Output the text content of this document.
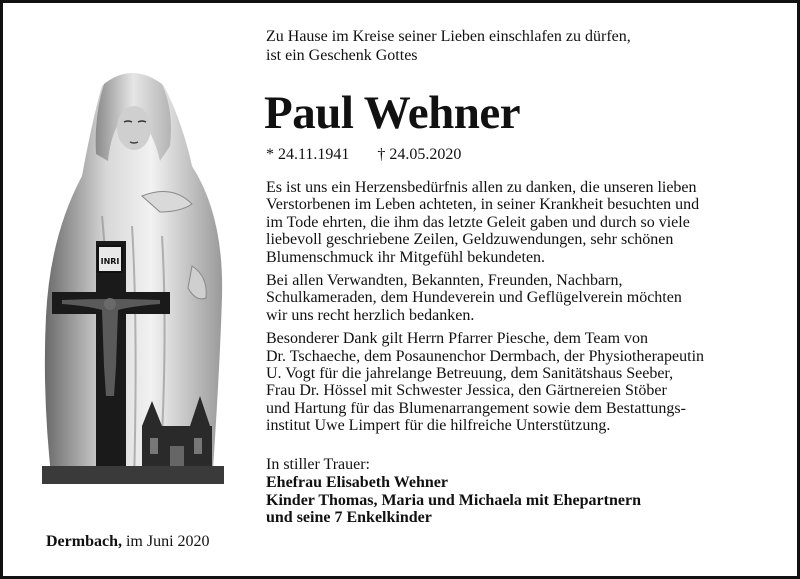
INRI
Zu Hause im Kreise seiner Lieben einschlafen zu dürfen,
ist ein Geschenk Gottes
Paul Wehner
* 24.11.1941 † 24.05.2020

Es ist uns ein Herzensbedürfnis allen zu danken, die unseren lieben
Verstorbenen im Leben achteten, in seiner Krankheit besuchten und
im Tode ehrten, die ihm das letzte Geleit gaben und durch so viele
liebevoll geschriebene Zeilen, Geldzuwendungen, sehr schönen
Blumenschmuck ihr Mitgefühl bekundeten.

Bei allen Verwandten, Bekannten, Freunden, Nachbarn,
Schulkameraden, dem Hundeverein und Geflügelverein möchten
wir uns recht herzlich bedanken.

Besonderer Dank gilt Herrn Pfarrer Piesche, dem Team von
Dr. Tschaeche, dem Posaunenchor Dermbach, der Physiotherapeutin
U. Vogt für die jahrelange Betreuung, dem Sanitätshaus Seeber,
Frau Dr. Hössel mit Schwester Jessica, den Gärtnereien Stöber
und Hartung für das Blumenarrangement sowie dem Bestattungs-
institut Uwe Limpert für die hilfreiche Unterstützung.

In stiller Trauer:
Ehefrau Elisabeth Wehner
Kinder Thomas, Maria und Michaela mit Ehepartnern
und seine 7 Enkelkinder
Dermbach, im Juni 2020
